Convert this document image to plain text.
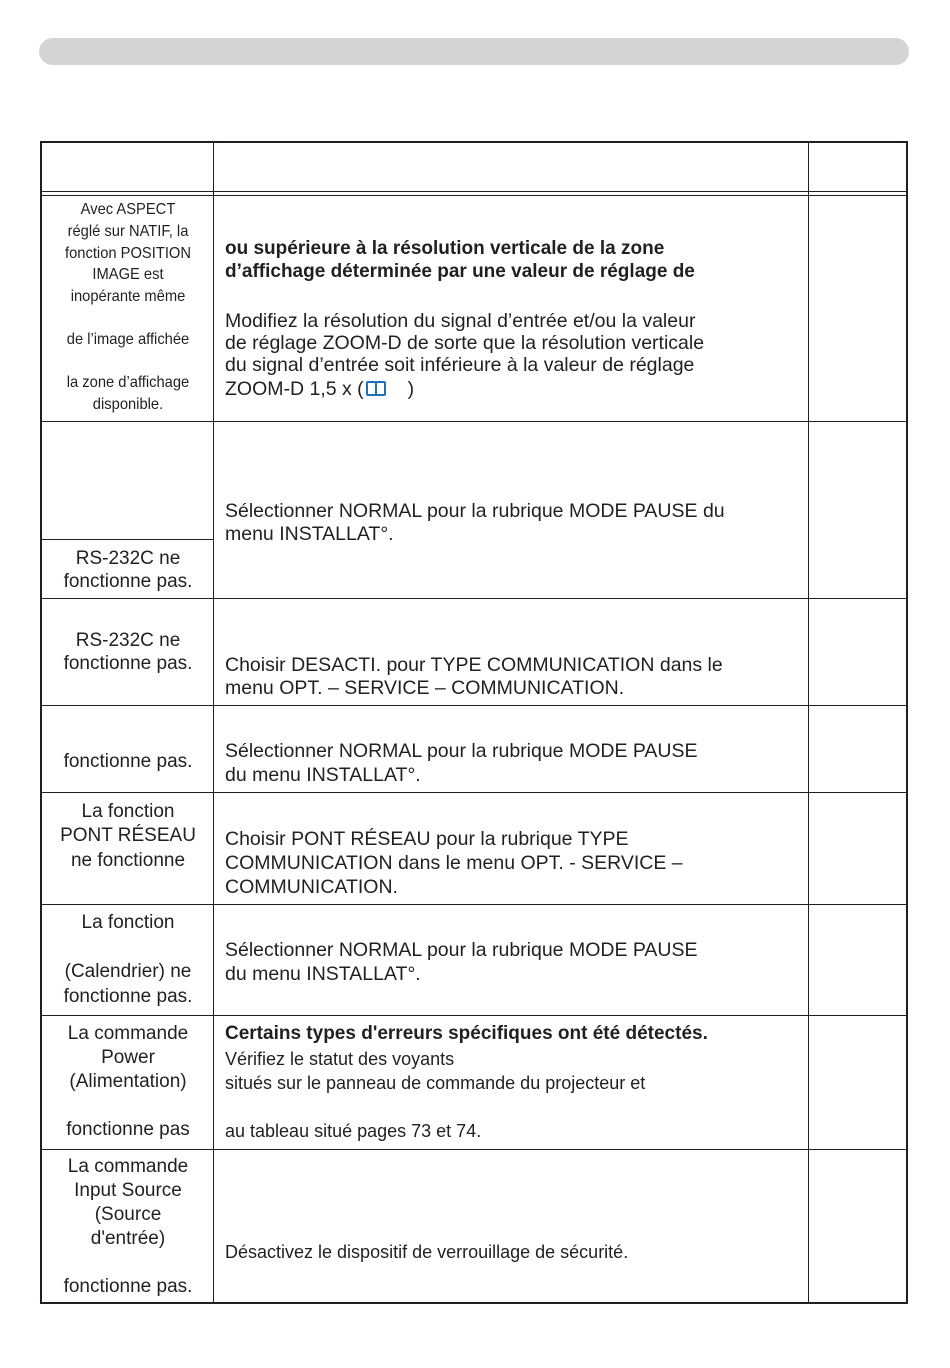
Avec ASPECT
réglé sur NATIF, la
fonction POSITION
IMAGE est
inopérante même
de l’image affichée
la zone d’affichage
disponible.
ou supérieure à la résolution verticale de la zone
d’affichage déterminée par une valeur de réglage de
Modifiez la résolution du signal d’entrée et/ou la valeur
de réglage ZOOM-D de sorte que la résolution verticale
du signal d’entrée soit inférieure à la valeur de réglage
ZOOM-D 1,5 x ( )
RS-232C ne
fonctionne pas.
Sélectionner NORMAL pour la rubrique MODE PAUSE du
menu INSTALLAT°.
RS-232C ne
fonctionne pas.	Choisir DESACTI. pour TYPE COMMUNICATION dans le
menu OPT. – SERVICE – COMMUNICATION.
fonctionne pas.	Sélectionner NORMAL pour la rubrique MODE PAUSE
du menu INSTALLAT°.
La fonction
PONT RÉSEAU
ne fonctionne
Choisir PONT RÉSEAU pour la rubrique TYPE
COMMUNICATION dans le menu OPT. - SERVICE –
COMMUNICATION.
La fonction
(Calendrier) ne
fonctionne pas.
Sélectionner NORMAL pour la rubrique MODE PAUSE
du menu INSTALLAT°.
La commande
Power
(Alimentation)
fonctionne pas
Certains types d'erreurs spécifiques ont été détectés.
Vérifiez le statut des voyants
situés sur le panneau de commande du projecteur et
au tableau situé pages 73 et 74.
La commande
Input Source
(Source
d'entrée)
fonctionne pas.
Désactivez le dispositif de verrouillage de sécurité.
